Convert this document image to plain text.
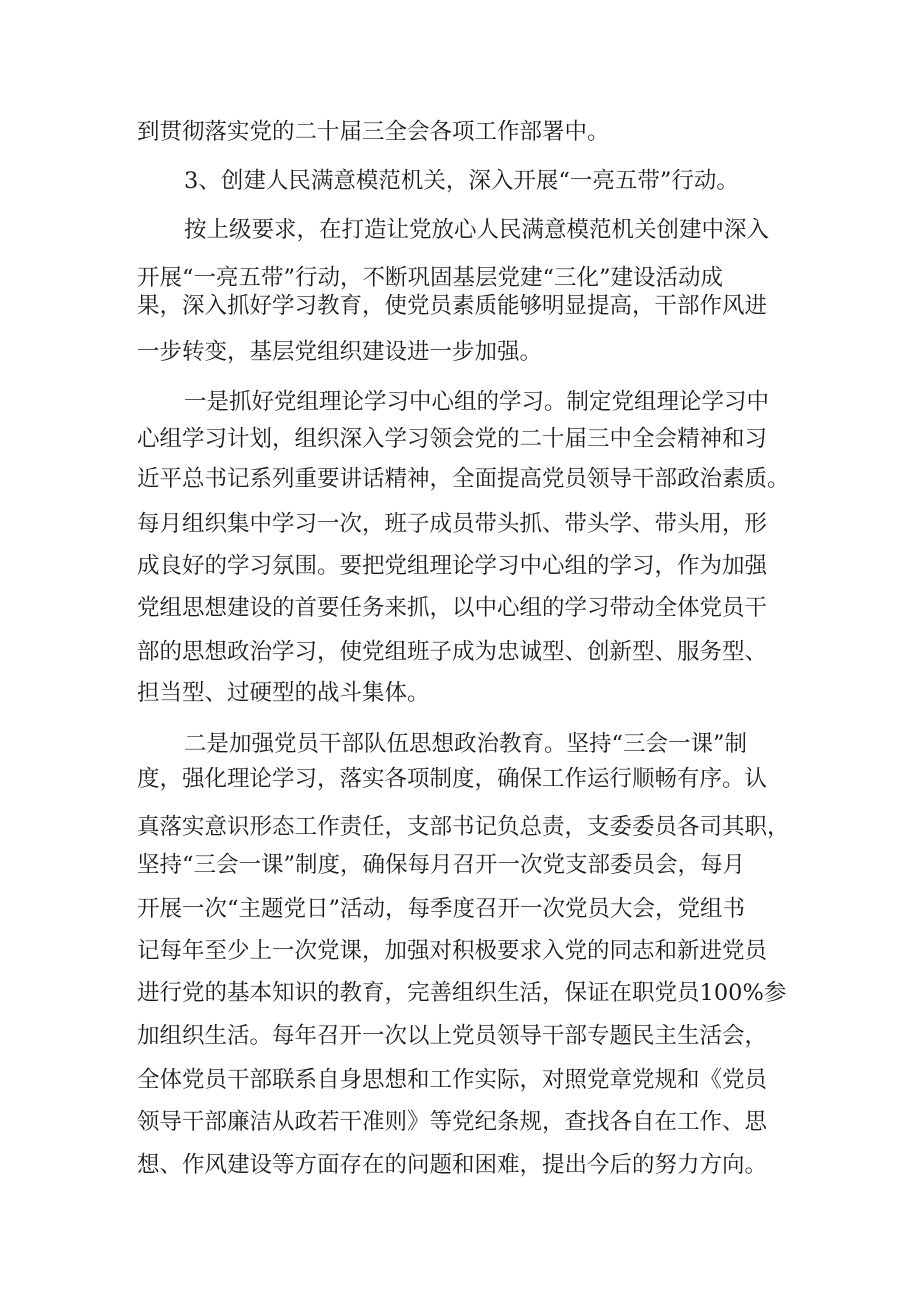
到贯彻落实党的二十届三全会各项工作部署中。

3、创建人民满意模范机关，深入开展“一亮五带”行动。

按上级要求，在打造让党放心人民满意模范机关创建中深入

开展“一亮五带”行动，不断巩固基层党建“三化”建设活动成

果，深入抓好学习教育，使党员素质能够明显提高，干部作风进

一步转变，基层党组织建设进一步加强。

一是抓好党组理论学习中心组的学习。制定党组理论学习中

心组学习计划，组织深入学习领会党的二十届三中全会精神和习

近平总书记系列重要讲话精神，全面提高党员领导干部政治素质。

每月组织集中学习一次，班子成员带头抓、带头学、带头用，形

成良好的学习氛围。要把党组理论学习中心组的学习，作为加强

党组思想建设的首要任务来抓，以中心组的学习带动全体党员干

部的思想政治学习，使党组班子成为忠诚型、创新型、服务型、

担当型、过硬型的战斗集体。

二是加强党员干部队伍思想政治教育。坚持“三会一课”制

度，强化理论学习，落实各项制度，确保工作运行顺畅有序。认

真落实意识形态工作责任，支部书记负总责，支委委员各司其职，

坚持“三会一课”制度，确保每月召开一次党支部委员会，每月

开展一次“主题党日”活动，每季度召开一次党员大会，党组书

记每年至少上一次党课，加强对积极要求入党的同志和新进党员

进行党的基本知识的教育，完善组织生活，保证在职党员100%参

加组织生活。每年召开一次以上党员领导干部专题民主生活会，

全体党员干部联系自身思想和工作实际，对照党章党规和《党员

领导干部廉洁从政若干准则》等党纪条规，查找各自在工作、思

想、作风建设等方面存在的问题和困难，提出今后的努力方向。
